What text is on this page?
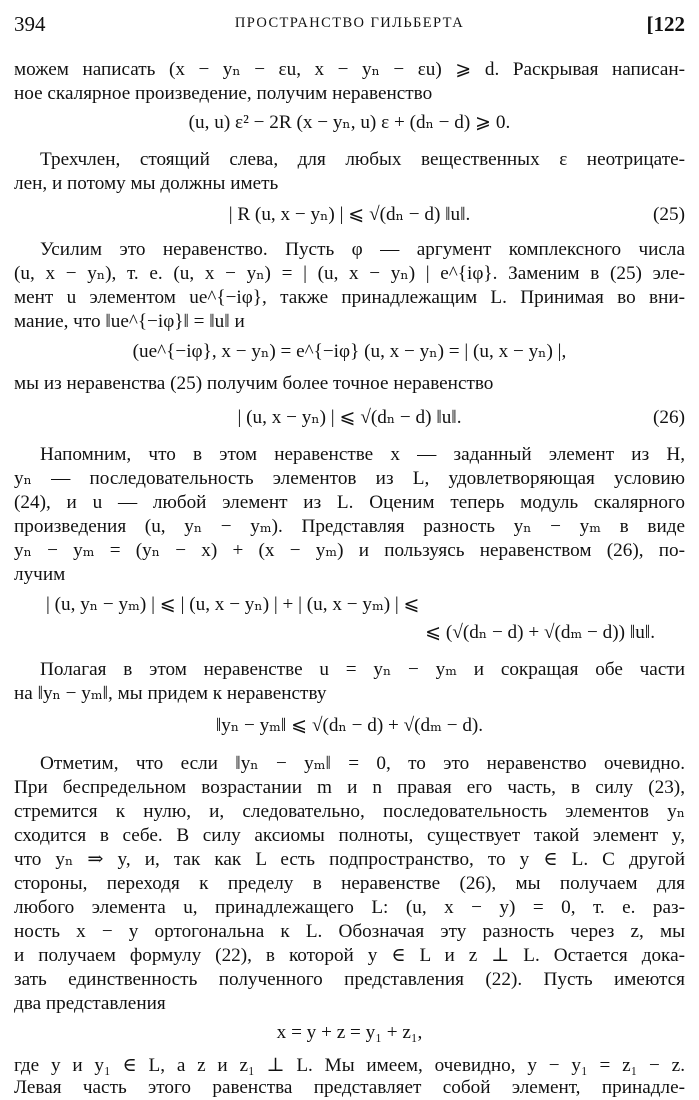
394	ПРОСТРАНСТВО ГИЛЬБЕРТА	[122
можем написать (x − yₙ − εu, x − yₙ − εu) ⩾ d. Раскрывая написан-
ное скалярное произведение, получим неравенство
(u, u) ε² − 2R (x − yₙ, u) ε + (dₙ − d) ⩾ 0.
Трехчлен, стоящий слева, для любых вещественных ε неотрицате-
лен, и потому мы должны иметь
| R (u, x − yₙ) | ⩽ √(dₙ − d) ‖u‖.	(25)
Усилим это неравенство. Пусть φ — аргумент комплексного числа
(u, x − yₙ), т. е. (u, x − yₙ) = | (u, x − yₙ) | e^{iφ}. Заменим в (25) эле-
мент u элементом ue^{−iφ}, также принадлежащим L. Принимая во вни-
мание, что ‖ue^{−iφ}‖ = ‖u‖ и
(ue^{−iφ}, x − yₙ) = e^{−iφ} (u, x − yₙ) = | (u, x − yₙ) |,
мы из неравенства (25) получим более точное неравенство
| (u, x − yₙ) | ⩽ √(dₙ − d) ‖u‖.	(26)
Напомним, что в этом неравенстве x — заданный элемент из H,
yₙ — последовательность элементов из L, удовлетворяющая условию
(24), и u — любой элемент из L. Оценим теперь модуль скалярного
произведения (u, yₙ − yₘ). Представляя разность yₙ − yₘ в виде
yₙ − yₘ = (yₙ − x) + (x − yₘ) и пользуясь неравенством (26), по-
лучим
| (u, yₙ − yₘ) | ⩽ | (u, x − yₙ) | + | (u, x − yₘ) | ⩽
⩽ (√(dₙ − d) + √(dₘ − d)) ‖u‖.
Полагая в этом неравенстве u = yₙ − yₘ и сокращая обе части
на ‖yₙ − yₘ‖, мы придем к неравенству
‖yₙ − yₘ‖ ⩽ √(dₙ − d) + √(dₘ − d).
Отметим, что если ‖yₙ − yₘ‖ = 0, то это неравенство очевидно.
При беспредельном возрастании m и n правая его часть, в силу (23),
стремится к нулю, и, следовательно, последовательность элементов yₙ
сходится в себе. В силу аксиомы полноты, существует такой элемент y,
что yₙ ⇒ y, и, так как L есть подпространство, то y ∈ L. С другой
стороны, переходя к пределу в неравенстве (26), мы получаем для
любого элемента u, принадлежащего L: (u, x − y) = 0, т. е. раз-
ность x − y ортогональна к L. Обозначая эту разность через z, мы
и получаем формулу (22), в которой y ∈ L и z ⊥ L. Остается дока-
зать единственность полученного представления (22). Пусть имеются
два представления
x = y + z = y₁ + z₁,
где y и y₁ ∈ L, а z и z₁ ⊥ L. Мы имеем, очевидно, y − y₁ = z₁ − z.
Левая часть этого равенства представляет собой элемент, принадле-
